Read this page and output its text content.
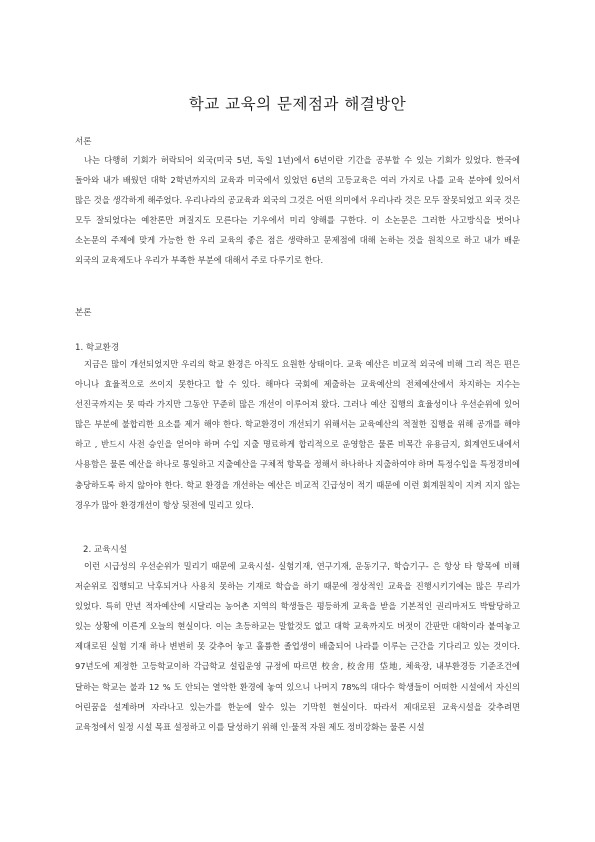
학교 교육의 문제점과 해결방안
서론
나는 다행히 기회가 허락되어 외국(미국 5년, 독일 1년)에서 6년이란 기간을 공부할 수 있는 기회가 있었다. 한국에 돌아와 내가 배웠던 대학 2학년까지의 교육과 미국에서 있었던 6년의 고등교육은 여러 가지로 나를 교육 분야에 있어서 많은 것을 생각하게 해주었다. 우리나라의 공교육과 외국의 그것은 어떤 의미에서 우리나라 것은 모두 잘못되었고 외국 것은 모두 잘되었다는 예찬론만 펴질지도 모른다는 기우에서 미리 양해를 구한다. 이 소논문은 그러한 사고방식을 벗어나 소논문의 주제에 맞게 가능한 한 우리 교육의 좋은 점은 생략하고 문제점에 대해 논하는 것을 원칙으로 하고 내가 배운 외국의 교육제도나 우리가 부족한 부분에 대해서 주로 다루기로 한다.
본론
1. 학교환경
지금은 많이 개선되었지만 우리의 학교 환경은 아직도 요원한 상태이다. 교육 예산은 비교적 외국에 비해 그리 적은 편은 아니나 효율적으로 쓰이지 못한다고 할 수 있다. 해마다 국회에 제출하는 교육예산의 전체예산에서 차지하는 지수는 선진국까지는 못 따라 가지만 그동안 꾸준히 많은 개선이 이루어져 왔다. 그러나 예산 집행의 효율성이나 우선순위에 있어 많은 부분에 불합리한 요소를 제거 해야 한다. 학교환경이 개선되기 위해서는 교육예산의 적절한 집행을 위해 공개를 해야 하고 , 반드시 사전 승인을 얻어야 하며 수입 지출 명료하게 합리적으로 운영함은 물론 비목간 유용금지, 회계연도내에서 사용함은 물론 예산을 하나로 통일하고 지출예산을 구체적 항목을 정해서 하나하나 지출하여야 하며 특정수입을 특정경비에 충당하도록 하지 않아야 한다. 학교 환경을 개선하는 예산은 비교적 긴급성이 적기 때문에 이런 회계원칙이 지켜 지지 않는 경우가 많아 환경개선이 항상 뒷전에 밀리고 있다.
2. 교육시설
이런 시급성의 우선순위가 밀리기 때문에 교육시설- 실험기재, 연구기재, 운동기구, 학습기구- 은 항상 타 항목에 비해 저순위로 집행되고 낙후되거나 사용치 못하는 기재로 학습을 하기 때문에 정상적인 교육을 진행시키기에는 많은 무리가 있었다. 특히 만년 적자예산에 시달리는 농어촌 지역의 학생들은 평등하게 교육을 받을 기본적인 권리마저도 박탈당하고 있는 상황에 이른게 오늘의 현실이다. 이는 초등하교는 말할것도 없고 대학 교육까지도 버젓이 간판만 대학이라 붙여놓고 제대로된 실험 기재 하나 변변히 못 갖추어 놓고 훌륭한 졸업생이 배출되어 나라를 이루는 근간을 기다리고 있는 것이다. 97년도에 제정한 고등학교이하 각급학교 설립운영 규정에 따르면 校舍, 校舍用 垈地, 체육장, 내부환경등 기준조건에 달하는 학교는 불과 12 % 도 안되는 열악한 환경에 놓여 있으니 나머지 78%의 대다수 학생들이 어떠한 시설에서 자신의 어린꿈을 설계하며 자라나고 있는가를 한눈에 알수 있는 기막힌 현실이다. 따라서 제대로된 교육시설을 갖추려면 교육청에서 일정 시설 목표 설정하고 이를 달성하기 위해 인·물적 자원 제도 정비강화는 물론 시설
